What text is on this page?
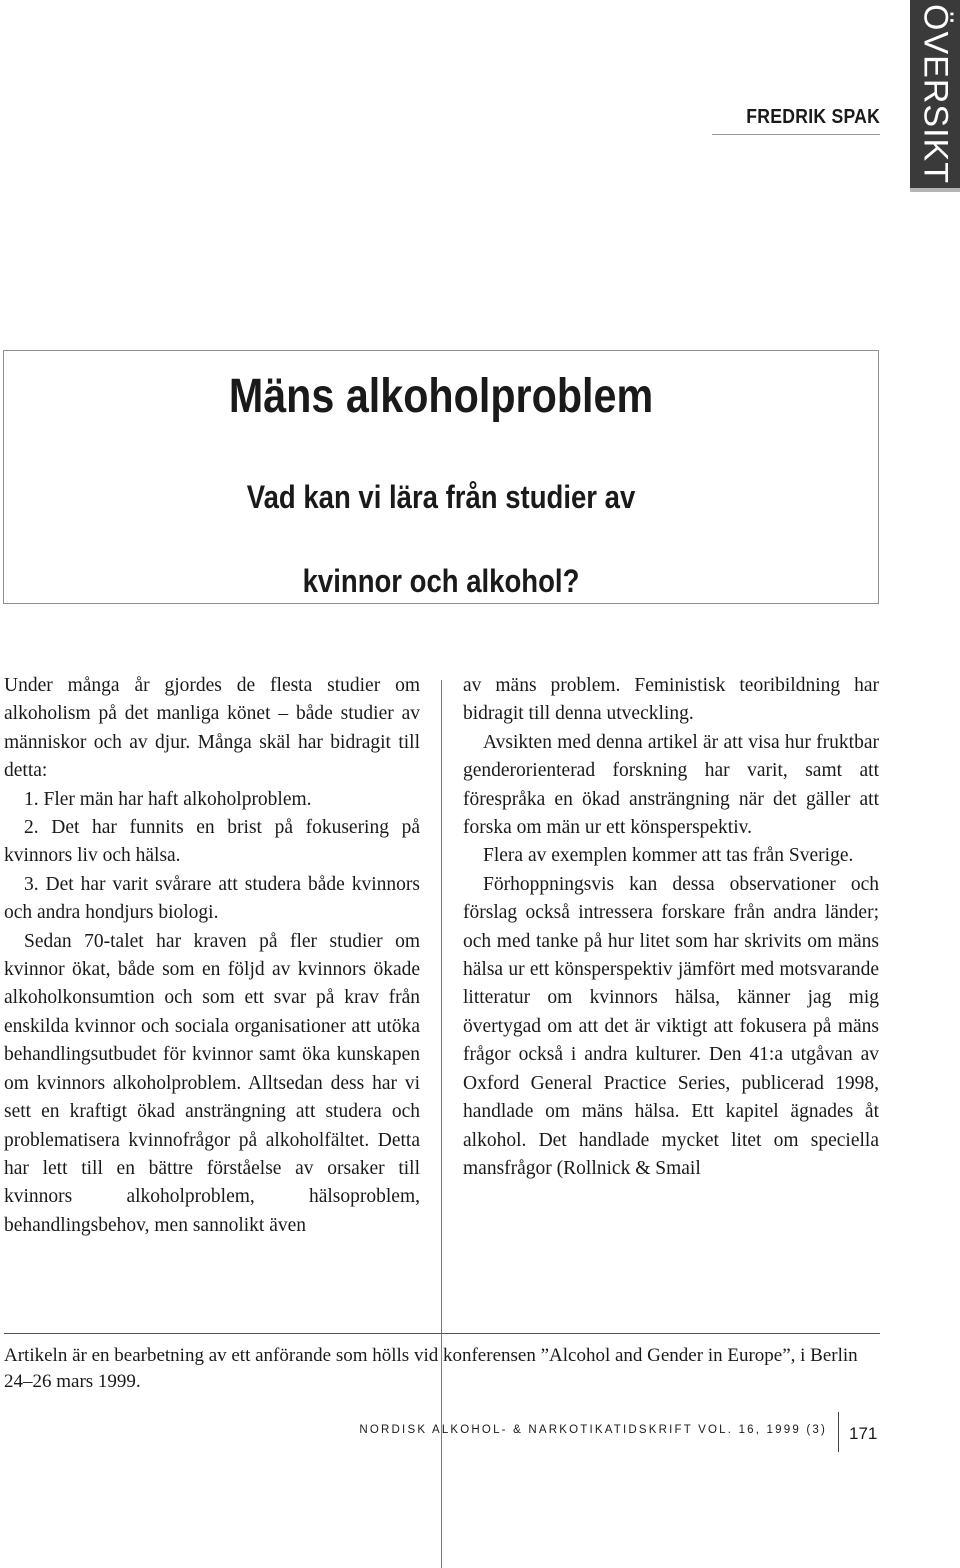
ÖVERSIKT
FREDRIK SPAK
Mäns alkoholproblem
Vad kan vi lära från studier av
kvinnor och alkohol?

Under många år gjordes de flesta studier om alkoholism på det manliga könet – både studier av människor och av djur. Många skäl har bidragit till detta:

1. Fler män har haft alkoholproblem.

2. Det har funnits en brist på fokusering på kvinnors liv och hälsa.

3. Det har varit svårare att studera både kvinnors och andra hondjurs biologi.

Sedan 70-talet har kraven på fler studier om kvinnor ökat, både som en följd av kvinnors ökade alkoholkonsumtion och som ett svar på krav från enskilda kvinnor och sociala organisationer att utöka behandlingsutbudet för kvinnor samt öka kunskapen om kvinnors alkoholproblem. Alltsedan dess har vi sett en kraftigt ökad ansträngning att studera och problematisera kvinnofrågor på alkoholfältet. Detta har lett till en bättre förståelse av orsaker till kvinnors alkoholproblem, hälsoproblem, behandlingsbehov, men sannolikt även

av mäns problem. Feministisk teoribildning har bidragit till denna utveckling.

Avsikten med denna artikel är att visa hur fruktbar genderorienterad forskning har varit, samt att förespråka en ökad ansträngning när det gäller att forska om män ur ett könsperspektiv.

Flera av exemplen kommer att tas från Sverige.

Förhoppningsvis kan dessa observationer och förslag också intressera forskare från andra länder; och med tanke på hur litet som har skrivits om mäns hälsa ur ett könsperspektiv jämfört med motsvarande litteratur om kvinnors hälsa, känner jag mig övertygad om att det är viktigt att fokusera på mäns frågor också i andra kulturer. Den 41:a utgåvan av Oxford General Practice Series, publicerad 1998, handlade om mäns hälsa. Ett kapitel ägnades åt alkohol. Det handlade mycket litet om speciella mansfrågor (Rollnick & Smail

Artikeln är en bearbetning av ett anförande som hölls vid konferensen ”Alcohol and Gender in Europe”, i Berlin 24–26 mars 1999.
NORDISK ALKOHOL- & NARKOTIKATIDSKRIFT VOL. 16, 1999 (3) 171
